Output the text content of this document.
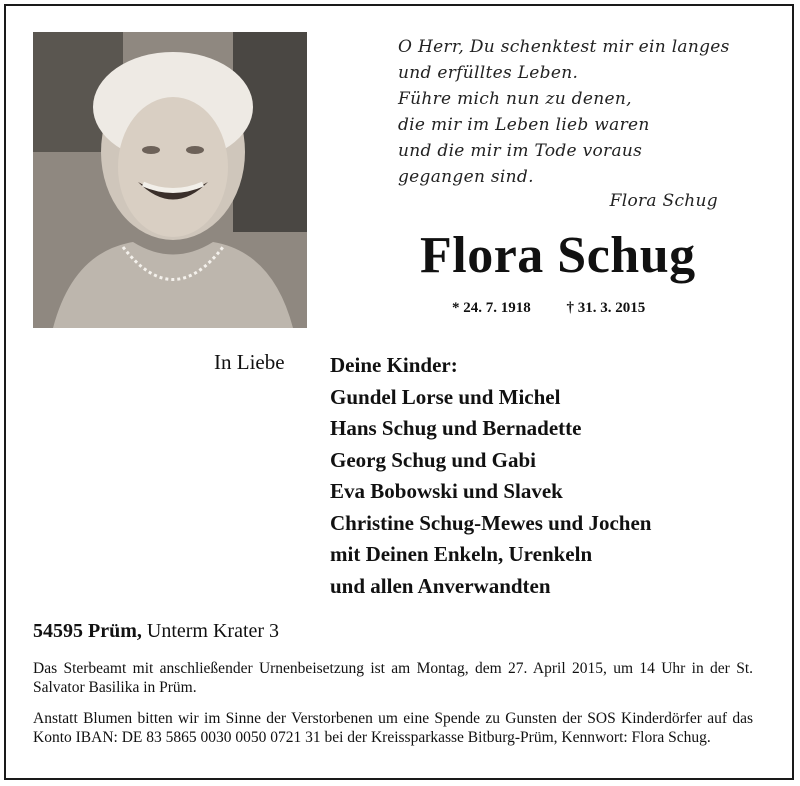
O Herr, Du schenktest mir ein langes
und erfülltes Leben.
Führe mich nun zu denen,
die mir im Leben lieb waren
und die mir im Tode voraus
gegangen sind.
Flora Schug
Flora Schug
* 24. 7. 1918 † 31. 3. 2015
In Liebe Deine Kinder:
Gundel Lorse und Michel
Hans Schug und Bernadette
Georg Schug und Gabi
Eva Bobowski und Slavek
Christine Schug-Mewes und Jochen
mit Deinen Enkeln, Urenkeln
und allen Anverwandten
54595 Prüm, Unterm Krater 3
Das Sterbeamt mit anschließender Urnenbeisetzung ist am Montag, dem 27. April 2015, um 14 Uhr in der St. Salvator Basilika in Prüm.
Anstatt Blumen bitten wir im Sinne der Verstorbenen um eine Spende zu Gunsten der SOS Kinderdörfer auf das Konto IBAN: DE 83 5865 0030 0050 0721 31 bei der Kreissparkasse Bitburg-Prüm, Kennwort: Flora Schug.
